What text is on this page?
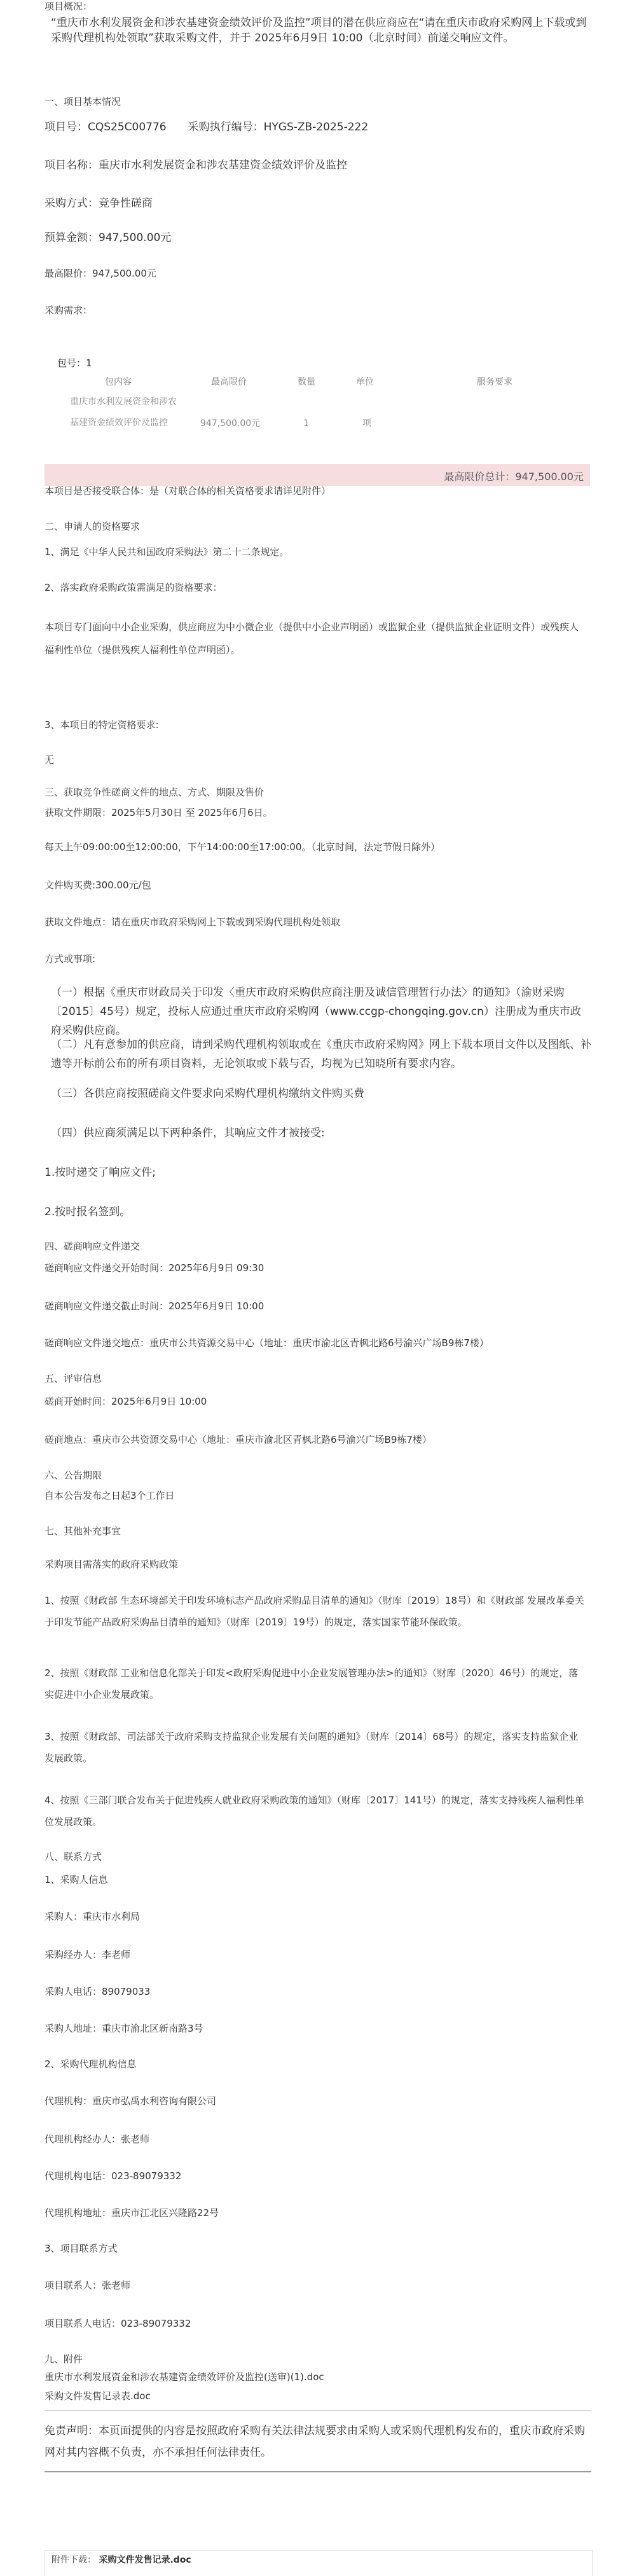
项目概况：
“重庆市水利发展资金和涉农基建资金绩效评价及监控”项目的潜在供应商应在“请在重庆市政府采购网上下载或到采购代理机构处领取”获取采购文件，并于 2025年6月9日 10:00（北京时间）前递交响应文件。
一、项目基本情况
项目号：CQS25C00776　　采购执行编号：HYGS-ZB-2025-222
项目名称：重庆市水利发展资金和涉农基建资金绩效评价及监控
采购方式：竞争性磋商
预算金额：947,500.00元
最高限价：947,500.00元
采购需求：
包号：1
包内容	最高限价	数量	单位	服务要求
重庆市水利发展资金和涉农基建资金绩效评价及监控	947,500.00元	1	项
最高限价总计：947,500.00元
本项目是否接受联合体：是（对联合体的相关资格要求请详见附件）
二、申请人的资格要求
1、满足《中华人民共和国政府采购法》第二十二条规定。
2、落实政府采购政策需满足的资格要求：
本项目专门面向中小企业采购，供应商应为中小微企业（提供中小企业声明函）或监狱企业（提供监狱企业证明文件）或残疾人福利性单位（提供残疾人福利性单位声明函）。
3、本项目的特定资格要求:
无
三、获取竞争性磋商文件的地点、方式、期限及售价
获取文件期限：2025年5月30日 至 2025年6月6日。
每天上午09:00:00至12:00:00，下午14:00:00至17:00:00。（北京时间，法定节假日除外）
文件购买费:300.00元/包
获取文件地点：请在重庆市政府采购网上下载或到采购代理机构处领取
方式或事项:
（一）根据《重庆市财政局关于印发〈重庆市政府采购供应商注册及诚信管理暂行办法〉的通知》（渝财采购〔2015〕45号）规定，投标人应通过重庆市政府采购网（www.ccgp-chongqing.gov.cn）注册成为重庆市政府采购供应商。
（二）凡有意参加的供应商，请到采购代理机构领取或在《重庆市政府采购网》网上下载本项目文件以及图纸、补遗等开标前公布的所有项目资料，无论领取或下载与否，均视为已知晓所有要求内容。
（三）各供应商按照磋商文件要求向采购代理机构缴纳文件购买费
（四）供应商须满足以下两种条件，其响应文件才被接受:
1.按时递交了响应文件;
2.按时报名签到。
四、磋商响应文件递交
磋商响应文件递交开始时间：2025年6月9日 09:30
磋商响应文件递交截止时间：2025年6月9日 10:00
磋商响应文件递交地点：重庆市公共资源交易中心（地址：重庆市渝北区青枫北路6号渝兴广场B9栋7楼）
五、评审信息
磋商开始时间：2025年6月9日 10:00
磋商地点：重庆市公共资源交易中心（地址：重庆市渝北区青枫北路6号渝兴广场B9栋7楼）
六、公告期限
自本公告发布之日起3个工作日
七、其他补充事宜
采购项目需落实的政府采购政策
1、按照《财政部 生态环境部关于印发环境标志产品政府采购品目清单的通知》（财库〔2019〕18号）和《财政部 发展改革委关于印发节能产品政府采购品目清单的通知》（财库〔2019〕19号）的规定，落实国家节能环保政策。
2、按照《财政部 工业和信息化部关于印发<政府采购促进中小企业发展管理办法>的通知》（财库〔2020〕46号）的规定，落实促进中小企业发展政策。
3、按照《财政部、司法部关于政府采购支持监狱企业发展有关问题的通知》（财库〔2014〕68号）的规定，落实支持监狱企业发展政策。
4、按照《三部门联合发布关于促进残疾人就业政府采购政策的通知》（财库〔2017〕141号）的规定，落实支持残疾人福利性单位发展政策。
八、联系方式
1、采购人信息
采购人：重庆市水利局
采购经办人：李老师
采购人电话：89079033
采购人地址：重庆市渝北区新南路3号
2、采购代理机构信息
代理机构：重庆市弘禹水利咨询有限公司
代理机构经办人：张老师
代理机构电话：023-89079332
代理机构地址：重庆市江北区兴隆路22号
3、项目联系方式
项目联系人：张老师
项目联系人电话：023-89079332
九、附件
重庆市水利发展资金和涉农基建资金绩效评价及监控(送审)(1).doc
采购文件发售记录表.doc
免责声明：本页面提供的内容是按照政府采购有关法律法规要求由采购人或采购代理机构发布的，重庆市政府采购网对其内容概不负责，亦不承担任何法律责任。
附件下载： 采购文件发售记录.doc
